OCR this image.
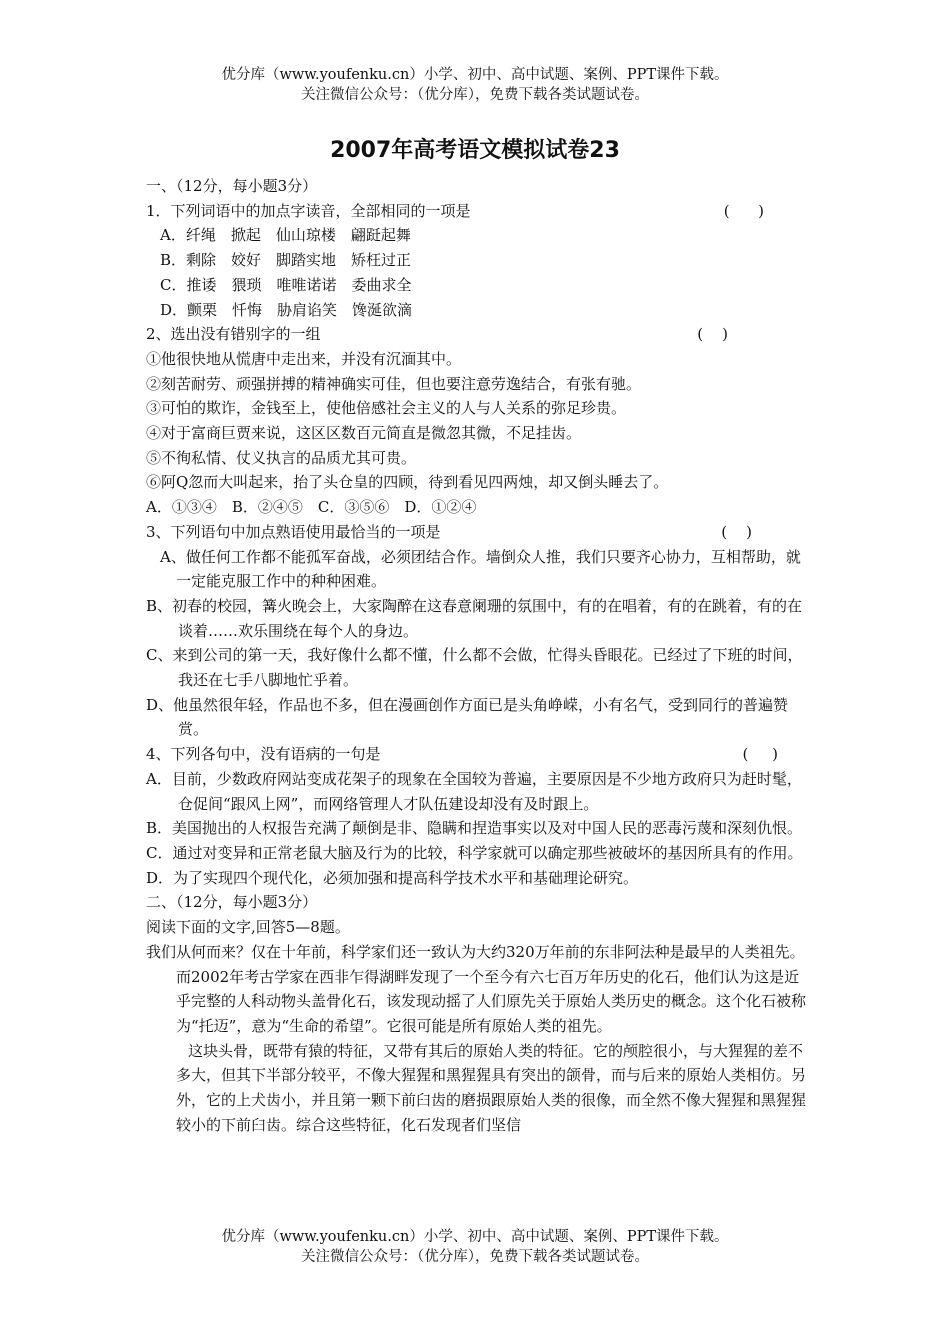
优分库（www.youfenku.cn）小学、初中、高中试题、案例、PPT课件下载。
关注微信公众号：（优分库），免费下载各类试题试卷。
2007年高考语文模拟试卷23

一、（12分，每小题3分）

1．下列词语中的加点字读音，全部相同的一项是	(      )

A．纤绳　掀起　仙山琼楼　翩跹起舞

B．剩除　姣好　脚踏实地　矫枉过正

C．推诿　猥琐　唯唯诺诺　委曲求全

D．颤栗　忏悔　胁肩谄笑　馋涎欲滴

2、选出没有错别字的一组	(    )

①他很快地从慌唐中走出来，并没有沉湎其中。

②刻苦耐劳、顽强拼搏的精神确实可佳，但也要注意劳逸结合，有张有驰。

③可怕的欺诈，金钱至上，使他倍感社会主义的人与人关系的弥足珍贵。

④对于富商巨贾来说，这区区数百元简直是微忽其微，不足挂齿。

⑤不徇私情、仗义执言的品质尤其可贵。

⑥阿Q忽而大叫起来，抬了头仓皇的四顾，待到看见四两烛，却又倒头睡去了。

A．①③④　B．②④⑤　C．③⑤⑥　D．①②④

3、下列语句中加点熟语使用最恰当的一项是	(    )

A、做任何工作都不能孤军奋战，必须团结合作。墙倒众人推，我们只要齐心协力，互相帮助，就一定能克服工作中的种种困难。

B、初春的校园，篝火晚会上，大家陶醉在这春意阑珊的氛围中，有的在唱着，有的在跳着，有的在谈着……欢乐围绕在每个人的身边。

C、来到公司的第一天，我好像什么都不懂，什么都不会做，忙得头昏眼花。已经过了下班的时间，我还在七手八脚地忙乎着。

D、他虽然很年轻，作品也不多，但在漫画创作方面已是头角峥嵘，小有名气，受到同行的普遍赞赏。

4、下列各句中，没有语病的一句是	(     )

A．目前，少数政府网站变成花架子的现象在全国较为普遍，主要原因是不少地方政府只为赶时髦，仓促间“跟风上网”，而网络管理人才队伍建设却没有及时跟上。

B．美国抛出的人权报告充满了颠倒是非、隐瞒和捏造事实以及对中国人民的恶毒污蔑和深刻仇恨。

C．通过对变异和正常老鼠大脑及行为的比较，科学家就可以确定那些被破坏的基因所具有的作用。

D．为了实现四个现代化，必须加强和提高科学技术水平和基础理论研究。

二、（12分，每小题3分）

阅读下面的文字,回答5—8题。

我们从何而来？仅在十年前，科学家们还一致认为大约320万年前的东非阿法种是最早的人类祖先。而2002年考古学家在西非乍得湖畔发现了一个至今有六七百万年历史的化石，他们认为这是近乎完整的人科动物头盖骨化石，该发现动摇了人们原先关于原始人类历史的概念。这个化石被称为“托迈”，意为“生命的希望”。它很可能是所有原始人类的祖先。

这块头骨，既带有猿的特征，又带有其后的原始人类的特征。它的颅腔很小，与大猩猩的差不多大，但其下半部分较平，不像大猩猩和黑猩猩具有突出的颌骨，而与后来的原始人类相仿。另外，它的上犬齿小，并且第一颗下前臼齿的磨损跟原始人类的很像，而全然不像大猩猩和黑猩猩较小的下前臼齿。综合这些特征，化石发现者们坚信

优分库（www.youfenku.cn）小学、初中、高中试题、案例、PPT课件下载。
关注微信公众号：（优分库），免费下载各类试题试卷。
